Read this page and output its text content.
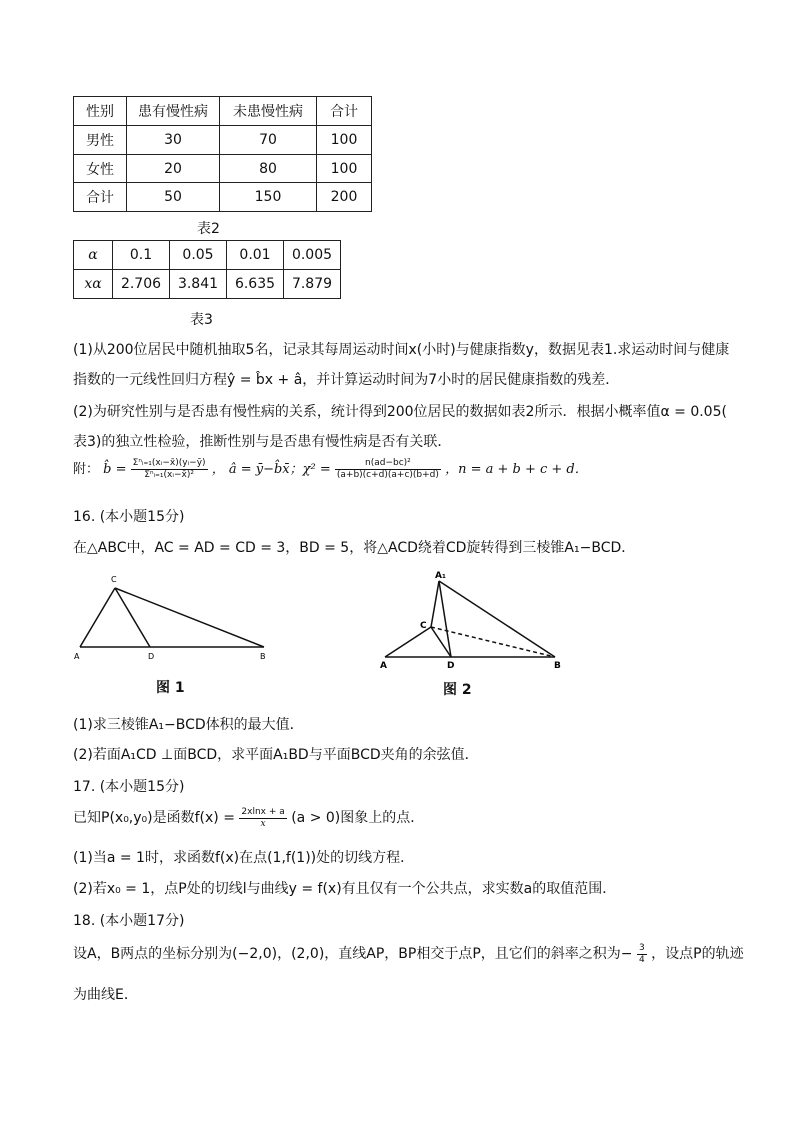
性别	患有慢性病	未患慢性病	合计
男性	30	70	100
女性	20	80	100
合计	50	150	200
表2
α	0.1	0.05	0.01	0.005
xα	2.706	3.841	6.635	7.879
表3
(1)从200位居民中随机抽取5名，记录其每周运动时间x(小时)与健康指数y，数据见表1.求运动时间与健康
指数的一元线性回归方程ŷ = b̂x + â，并计算运动时间为7小时的居民健康指数的残差．
(2)为研究性别与是否患有慢性病的关系，统计得到200位居民的数据如表2所示．根据小概率值α = 0.05(
表3)的独立性检验，推断性别与是否患有慢性病是否有关联．
附： b̂ = $\frac{\text{Σⁿᵢ₌₁(xᵢ−x̄)(yᵢ−ȳ)}}{\text{Σⁿᵢ₌₁(xᵢ−x̄)²}}$ ， â = ȳ−b̂x̄；$\chi^2 = \frac{\text{n(ad−bc)²}}{(a+b)(c+d)(a+c)(b+d)}$ ，n = a + b + c + d．
16. (本小题15分)
在△ABC中，AC = AD = CD = 3，BD = 5，将△ACD绕着CD旋转得到三棱锥A₁−BCD．
C
A	D	B
图 1
A₁
C
A	D	B
图 2
(1)求三棱锥A₁−BCD体积的最大值．
(2)若面A₁CD ⊥面BCD，求平面A₁BD与平面BCD夹角的余弦值．
17. (本小题15分)
已知P(x₀,y₀)是函数$f(x) = \frac{2xlnx + a}{x} (a > 0)$图象上的点．
(1)当a = 1时，求函数f(x)在点(1,f(1))处的切线方程．
(2)若x₀ = 1，点P处的切线l与曲线y = f(x)有且仅有一个公共点，求实数a的取值范围．
18. (本小题17分)
设A，B两点的坐标分别为(−2,0)，(2,0)，直线AP，BP相交于点P，且它们的斜率之积为− $\frac{3}{4}$ ，设点P的轨迹
为曲线E．
